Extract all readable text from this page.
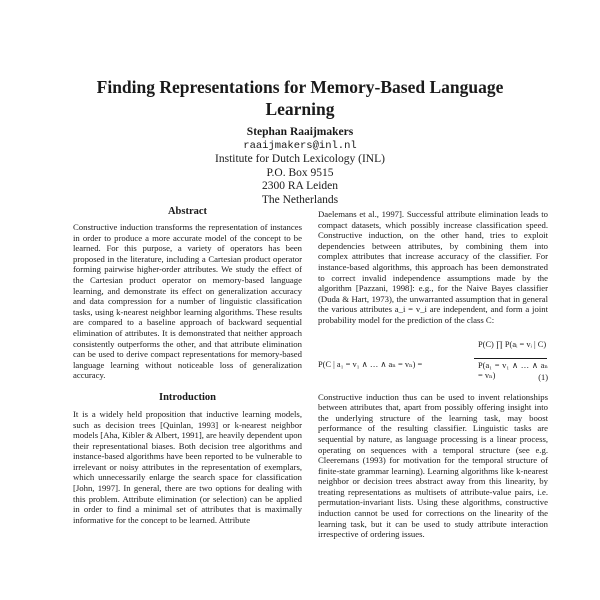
Finding Representations for Memory-Based Language Learning
Stephan Raaijmakers
raaijmakers@inl.nl
Institute for Dutch Lexicology (INL)
P.O. Box 9515
2300 RA Leiden
The Netherlands
Abstract

Constructive induction transforms the representation of instances in order to produce a more accurate model of the concept to be learned. For this purpose, a variety of operators has been proposed in the literature, including a Cartesian product operator forming pairwise higher-order attributes. We study the effect of the Cartesian product operator on memory-based language learning, and demonstrate its effect on generalization accuracy and data compression for a number of linguistic classification tasks, using k-nearest neighbor learning algorithms. These results are compared to a baseline approach of backward sequential elimination of attributes. It is demonstrated that neither approach consistently outperforms the other, and that attribute elimination can be used to derive compact representations for memory-based language learning without noticeable loss of generalization accuracy.

Introduction

It is a widely held proposition that inductive learning models, such as decision trees [Quinlan, 1993] or k-nearest neighbor models [Aha, Kibler & Albert, 1991], are heavily dependent upon their representational biases. Both decision tree algorithms and instance-based algorithms have been reported to be vulnerable to irrelevant or noisy attributes in the representation of exemplars, which unnecessarily enlarge the search space for classification [John, 1997]. In general, there are two options for dealing with this problem. Attribute elimination (or selection) can be applied in order to find a minimal set of attributes that is maximally informative for the concept to be learned. Attribute

Daelemans et al., 1997]. Successful attribute elimination leads to compact datasets, which possibly increase classification speed. Constructive induction, on the other hand, tries to exploit dependencies between attributes, by combining them into complex attributes that increase accuracy of the classifier. For instance-based algorithms, this approach has been demonstrated to correct invalid independence assumptions made by the algorithm [Pazzani, 1998]: e.g., for the Naive Bayes classifier (Duda & Hart, 1973), the unwarranted assumption that in general the various attributes a_i = v_i are independent, and form a joint probability model for the prediction of the class C:

P(C | a₁ = v₁ ∧ … ∧ aₙ = vₙ) =
P(C) ∏ P(aᵢ = vᵢ | C)
P(a₁ = v₁ ∧ … ∧ aₙ = vₙ)	(1)

Constructive induction thus can be used to invent relationships between attributes that, apart from possibly offering insight into the underlying structure of the learning task, may boost performance of the resulting classifier. Linguistic tasks are sequential by nature, as language processing is a linear process, operating on sequences with a temporal structure (see e.g. Cleeremans (1993) for motivation for the temporal structure of finite-state grammar learning). Learning algorithms like k-nearest neighbor or decision trees abstract away from this linearity, by treating representations as multisets of attribute-value pairs, i.e. permutation-invariant lists. Using these algorithms, constructive induction cannot be used for corrections on the linearity of the learning task, but it can be used to study attribute interaction irrespective of ordering issues.
